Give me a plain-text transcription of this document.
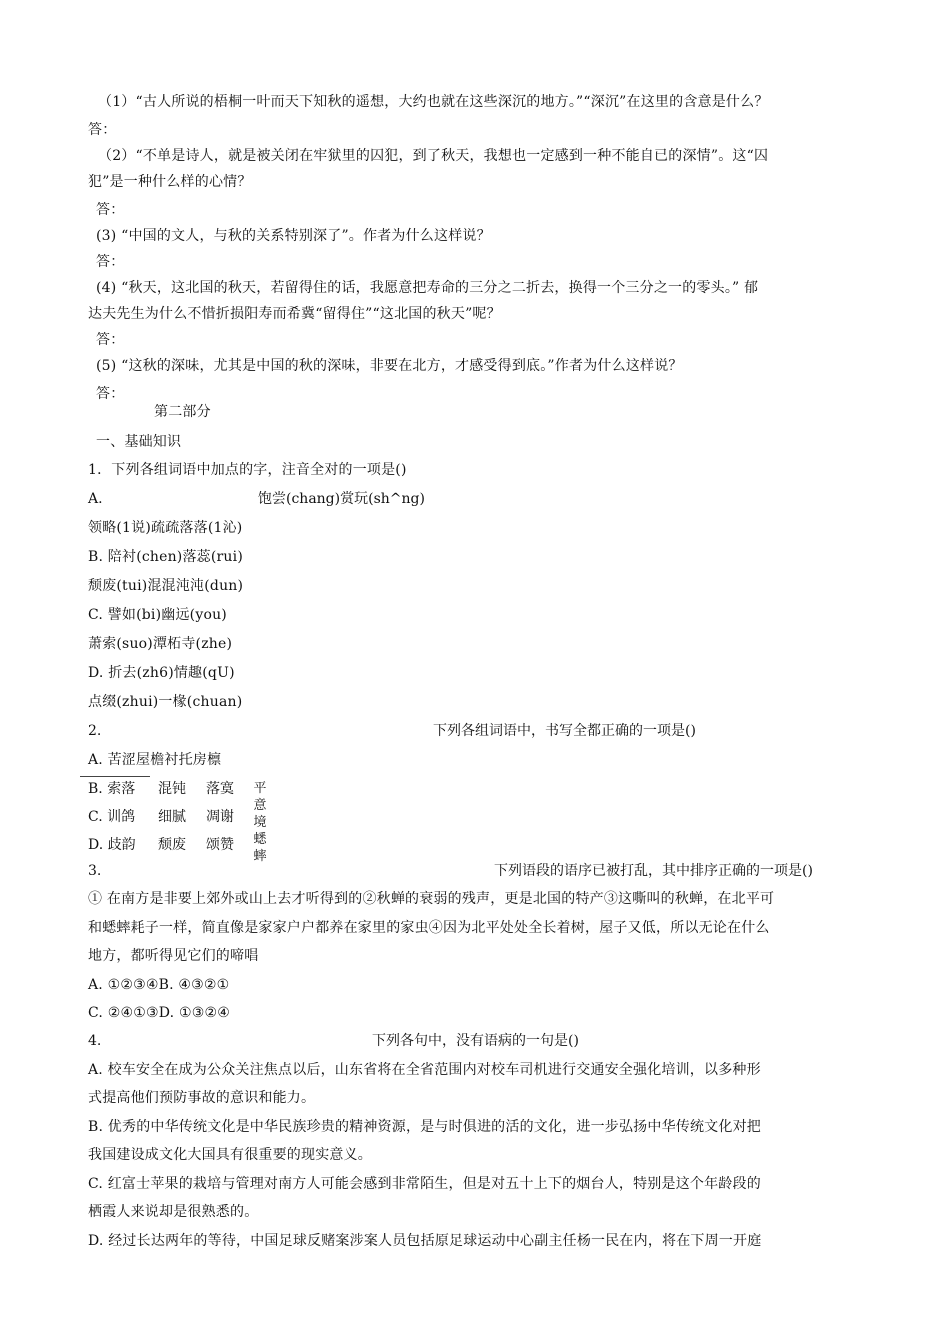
（1）“古人所说的梧桐一叶而天下知秋的遥想，大约也就在这些深沉的地方。”“深沉”在这里的含意是什么？
答：
（2）“不单是诗人，就是被关闭在牢狱里的囚犯，到了秋天，我想也一定感到一种不能自已的深情”。这“囚
犯”是一种什么样的心情？
答：
(3) “中国的文人，与秋的关系特别深了”。作者为什么这样说？
答：
(4) “秋天，这北国的秋天，若留得住的话，我愿意把寿命的三分之二折去，换得一个三分之一的零头。” 郁
达夫先生为什么不惜折损阳寿而希冀“留得住”“这北国的秋天”呢？
答：
(5) “这秋的深味，尤其是中国的秋的深味，非要在北方，才感受得到底。”作者为什么这样说？
答：
第二部分
一、基础知识
1．下列各组词语中加点的字，注音全对的一项是()
A.	饱尝(chang)赏玩(sh^ng)
领略(1说)疏疏落落(1沁)
B. 陪衬(chen)落蕊(rui)
颓废(tui)混混沌沌(dun)
C. 譬如(bi)幽远(you)
萧索(suo)潭柘寺(zhe)
D. 折去(zh6)情趣(qU)
点缀(zhui)一椽(chuan)
2.	下列各组词语中，书写全都正确的一项是()
A. 苦涩屋檐衬托房檩
B. 索落 混钝 落寞
C. 训鸽 细腻 凋谢
D. 歧韵 颓废 颂赞
平意境蟋蟀
3.	下列语段的语序已被打乱，其中排序正确的一项是()
① 在南方是非要上郊外或山上去才听得到的②秋蝉的衰弱的残声，更是北国的特产③这嘶叫的秋蝉，在北平可
和蟋蟀耗子一样，简直像是家家户户都养在家里的家虫④因为北平处处全长着树，屋子又低，所以无论在什么
地方，都听得见它们的啼唱
A. ①②③④B. ④③②①
C. ②④①③D. ①③②④
4.	下列各句中，没有语病的一句是()
A. 校车安全在成为公众关注焦点以后，山东省将在全省范围内对校车司机进行交通安全强化培训，以多种形
式提高他们预防事故的意识和能力。
B. 优秀的中华传统文化是中华民族珍贵的精神资源，是与时俱进的活的文化，进一步弘扬中华传统文化对把
我国建设成文化大国具有很重要的现实意义。
C. 红富士苹果的栽培与管理对南方人可能会感到非常陌生，但是对五十上下的烟台人，特别是这个年龄段的
栖霞人来说却是很熟悉的。
D. 经过长达两年的等待，中国足球反赌案涉案人员包括原足球运动中心副主任杨一民在内，将在下周一开庭
